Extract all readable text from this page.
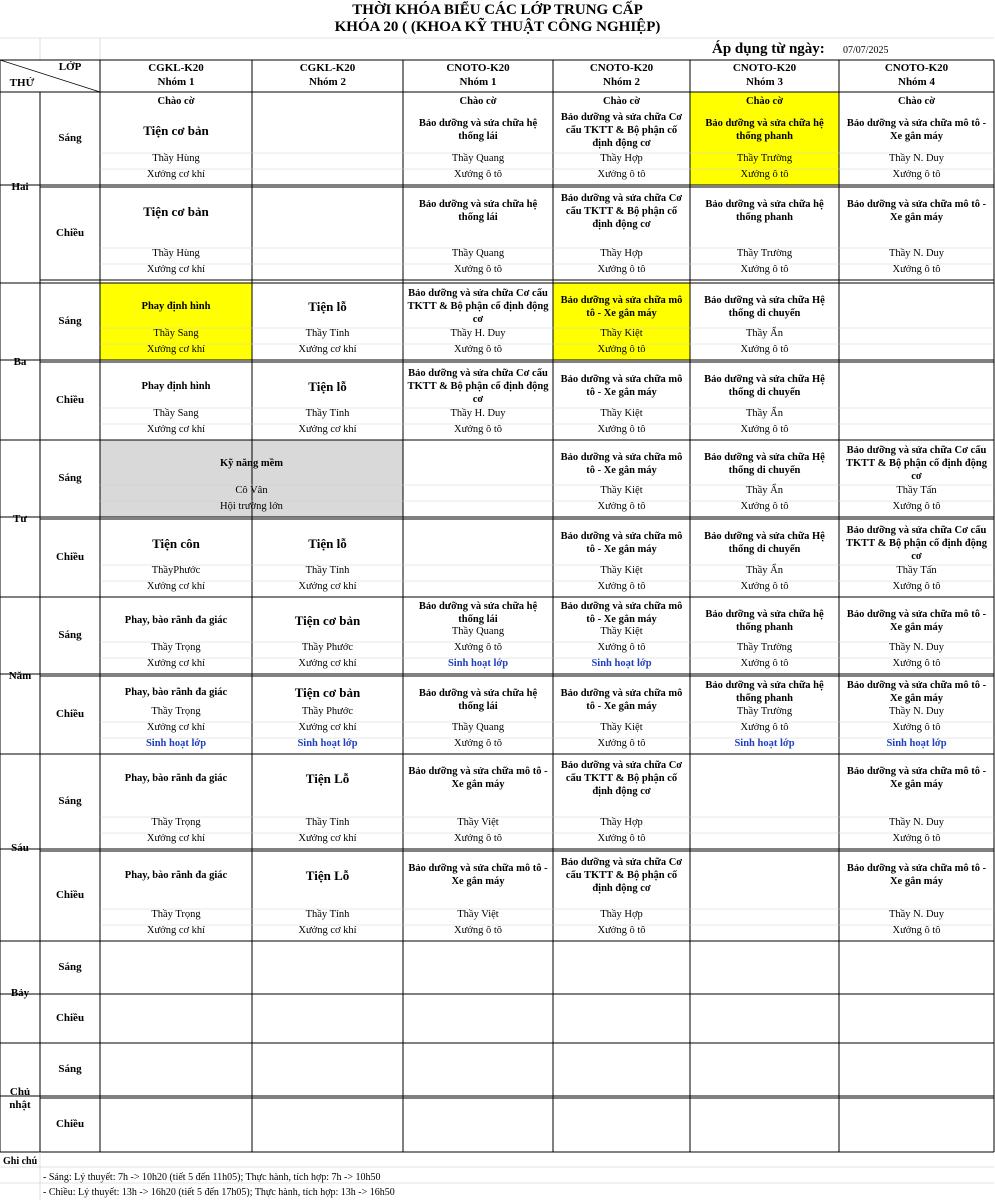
THỜI KHÓA BIỂU CÁC LỚP TRUNG CẤP
KHÓA 20 ( (KHOA KỸ THUẬT CÔNG NGHIỆP)
Áp dụng từ ngày: 07/07/2025
LỚP
THỨ
CGKL-K20
Nhóm 1
CGKL-K20
Nhóm 2
CNOTO-K20
Nhóm 1
CNOTO-K20
Nhóm 2
CNOTO-K20
Nhóm 3
CNOTO-K20
Nhóm 4
Hai
Sáng
Chiều
Ba
Sáng
Chiều
Tư
Sáng
Chiều
Năm
Sáng
Chiều
Sáu
Sáng
Chiều
Bảy
Sáng
Chiều
Chủ nhật
Sáng
Chiều
Chào cờ
Tiện cơ bản
Thầy Hùng
Xưởng cơ khí
Chào cờ
Bảo dưỡng và sửa chữa hệ thống lái
Thầy Quang
Xưởng ô tô
Chào cờ
Bảo dưỡng và sửa chữa Cơ cấu TKTT & Bộ phận cố định động cơ
Thầy Hợp
Xưởng ô tô
Chào cờ
Bảo dưỡng và sửa chữa hệ thống phanh
Thầy Trường
Xưởng ô tô
Chào cờ
Bảo dưỡng và sửa chữa mô tô - Xe gắn máy
Thầy N. Duy
Xưởng ô tô
Tiện cơ bản
Thầy Hùng
Xưởng cơ khí
Bảo dưỡng và sửa chữa hệ thống lái
Thầy Quang
Xưởng ô tô
Bảo dưỡng và sửa chữa Cơ cấu TKTT & Bộ phận cố định động cơ
Thầy Hợp
Xưởng ô tô
Bảo dưỡng và sửa chữa hệ thống phanh
Thầy Trường
Xưởng ô tô
Bảo dưỡng và sửa chữa mô tô - Xe gắn máy
Thầy N. Duy
Xưởng ô tô
Phay định hình
Thầy Sang
Xưởng cơ khí
Tiện lỗ
Thầy Tỉnh
Xưởng cơ khí
Bảo dưỡng và sửa chữa Cơ cấu TKTT & Bộ phận cố định động cơ
Thầy H. Duy
Xưởng ô tô
Bảo dưỡng và sửa chữa mô tô - Xe gắn máy
Thầy Kiệt
Xưởng ô tô
Bảo dưỡng và sửa chữa Hệ thống di chuyển
Thầy Ẩn
Xưởng ô tô
Phay định hình
Thầy Sang
Xưởng cơ khí
Tiện lỗ
Thầy Tỉnh
Xưởng cơ khí
Bảo dưỡng và sửa chữa Cơ cấu TKTT & Bộ phận cố định động cơ
Thầy H. Duy
Xưởng ô tô
Bảo dưỡng và sửa chữa mô tô - Xe gắn máy
Thầy Kiệt
Xưởng ô tô
Bảo dưỡng và sửa chữa Hệ thống di chuyển
Thầy Ẩn
Xưởng ô tô
Kỹ năng mềm
Cô Vân
Hội trường lớn
Bảo dưỡng và sửa chữa mô tô - Xe gắn máy
Thầy Kiệt
Xưởng ô tô
Bảo dưỡng và sửa chữa Hệ thống di chuyển
Thầy Ẩn
Xưởng ô tô
Bảo dưỡng và sửa chữa Cơ cấu TKTT & Bộ phận cố định động cơ
Thầy Tấn
Xưởng ô tô
Tiện côn
ThầyPhước
Xưởng cơ khí
Tiện lỗ
Thầy Tỉnh
Xưởng cơ khí
Bảo dưỡng và sửa chữa mô tô - Xe gắn máy
Thầy Kiệt
Xưởng ô tô
Bảo dưỡng và sửa chữa Hệ thống di chuyển
Thầy Ẩn
Xưởng ô tô
Bảo dưỡng và sửa chữa Cơ cấu TKTT & Bộ phận cố định động cơ
Thầy Tấn
Xưởng ô tô
Phay, bào rãnh đa giác
Thầy Trọng
Xưởng cơ khí
Tiện cơ bản
Thầy Phước
Xưởng cơ khí
Bảo dưỡng và sửa chữa hệ thống lái
Thầy Quang
Xưởng ô tô
Sinh hoạt lớp
Bảo dưỡng và sửa chữa mô tô - Xe gắn máy
Thầy Kiệt
Xưởng ô tô
Sinh hoạt lớp
Bảo dưỡng và sửa chữa hệ thống phanh
Thầy Trường
Xưởng ô tô
Bảo dưỡng và sửa chữa mô tô - Xe gắn máy
Thầy N. Duy
Xưởng ô tô
Phay, bào rãnh đa giác
Thầy Trọng
Xưởng cơ khí
Sinh hoạt lớp
Tiện cơ bản
Thầy Phước
Xưởng cơ khí
Sinh hoạt lớp
Bảo dưỡng và sửa chữa hệ thống lái
Thầy Quang
Xưởng ô tô
Bảo dưỡng và sửa chữa mô tô - Xe gắn máy
Thầy Kiệt
Xưởng ô tô
Bảo dưỡng và sửa chữa hệ thống phanh
Thầy Trường
Xưởng ô tô
Sinh hoạt lớp
Bảo dưỡng và sửa chữa mô tô - Xe gắn máy
Thầy N. Duy
Xưởng ô tô
Sinh hoạt lớp
Phay, bào rãnh đa giác
Thầy Trọng
Xưởng cơ khí
Tiện Lỗ
Thầy Tỉnh
Xưởng cơ khí
Bảo dưỡng và sửa chữa mô tô - Xe gắn máy
Thầy Việt
Xưởng ô tô
Bảo dưỡng và sửa chữa Cơ cấu TKTT & Bộ phận cố định động cơ
Thầy Hợp
Xưởng ô tô
Bảo dưỡng và sửa chữa mô tô - Xe gắn máy
Thầy N. Duy
Xưởng ô tô
Phay, bào rãnh đa giác
Thầy Trọng
Xưởng cơ khí
Tiện Lỗ
Thầy Tỉnh
Xưởng cơ khí
Bảo dưỡng và sửa chữa mô tô - Xe gắn máy
Thầy Việt
Xưởng ô tô
Bảo dưỡng và sửa chữa Cơ cấu TKTT & Bộ phận cố định động cơ
Thầy Hợp
Xưởng ô tô
Bảo dưỡng và sửa chữa mô tô - Xe gắn máy
Thầy N. Duy
Xưởng ô tô
Ghi chú
- Sáng: Lý thuyết: 7h -> 10h20 (tiết 5 đến 11h05); Thực hành, tích hợp: 7h -> 10h50
- Chiều: Lý thuyết: 13h -> 16h20 (tiết 5 đến 17h05); Thực hành, tích hợp: 13h -> 16h50
